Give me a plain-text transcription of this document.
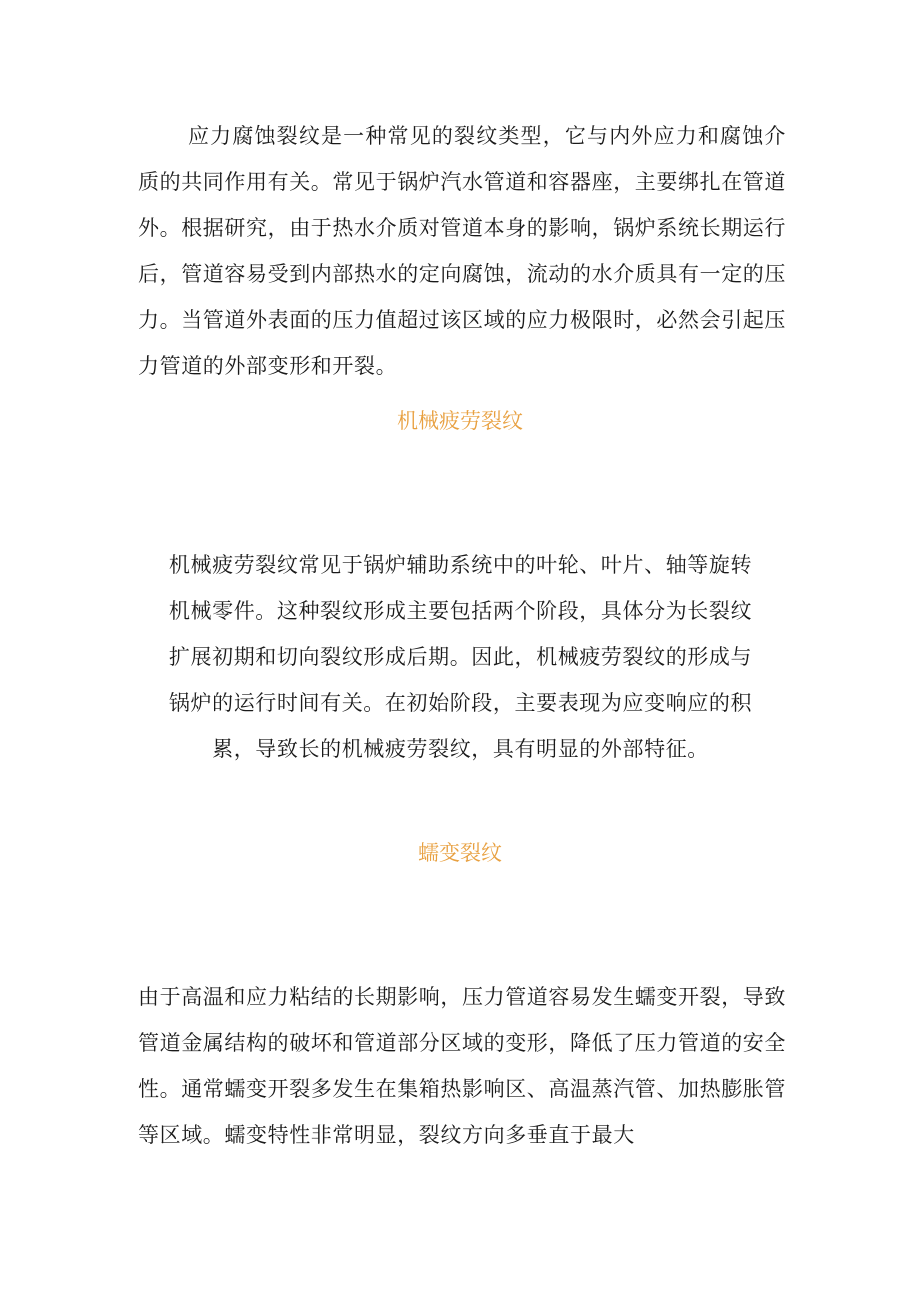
应力腐蚀裂纹是一种常见的裂纹类型，它与内外应力和腐蚀介质的共同作用有关。常见于锅炉汽水管道和容器座，主要绑扎在管道外。根据研究，由于热水介质对管道本身的影响，锅炉系统长期运行后，管道容易受到内部热水的定向腐蚀，流动的水介质具有一定的压力。当管道外表面的压力值超过该区域的应力极限时，必然会引起压力管道的外部变形和开裂。

机械疲劳裂纹

机械疲劳裂纹常见于锅炉辅助系统中的叶轮、叶片、轴等旋转机械零件。这种裂纹形成主要包括两个阶段，具体分为长裂纹扩展初期和切向裂纹形成后期。因此，机械疲劳裂纹的形成与锅炉的运行时间有关。在初始阶段，主要表现为应变响应的积累，导致长的机械疲劳裂纹，具有明显的外部特征。

蠕变裂纹

由于高温和应力粘结的长期影响，压力管道容易发生蠕变开裂，导致管道金属结构的破坏和管道部分区域的变形，降低了压力管道的安全性。通常蠕变开裂多发生在集箱热影响区、高温蒸汽管、加热膨胀管等区域。蠕变特性非常明显，裂纹方向多垂直于最大
